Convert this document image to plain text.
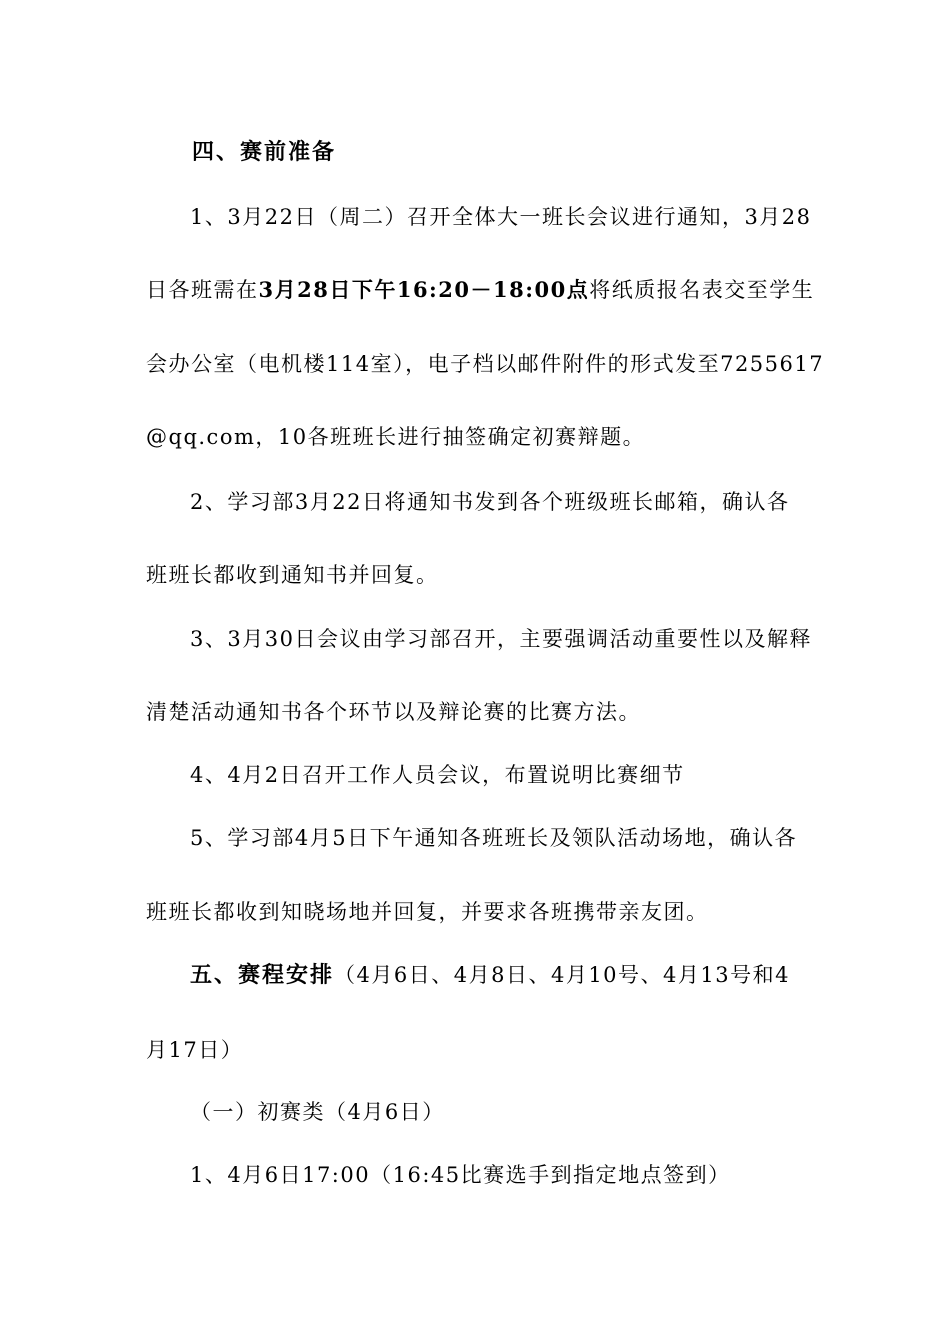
四、赛前准备
1、3月22日（周二）召开全体大一班长会议进行通知，3月28
日各班需在3月28日下午16:20－18:00点将纸质报名表交至学生
会办公室（电机楼114室），电子档以邮件附件的形式发至7255617
@qq.com，10各班班长进行抽签确定初赛辩题。
2、学习部3月22日将通知书发到各个班级班长邮箱，确认各
班班长都收到通知书并回复。
3、3月30日会议由学习部召开，主要强调活动重要性以及解释
清楚活动通知书各个环节以及辩论赛的比赛方法。
4、4月2日召开工作人员会议，布置说明比赛细节
5、学习部4月5日下午通知各班班长及领队活动场地，确认各
班班长都收到知晓场地并回复，并要求各班携带亲友团。
五、赛程安排（4月6日、4月8日、4月10号、4月13号和4
月17日）
（一）初赛类（4月6日）
1、4月6日17:00（16:45比赛选手到指定地点签到）
